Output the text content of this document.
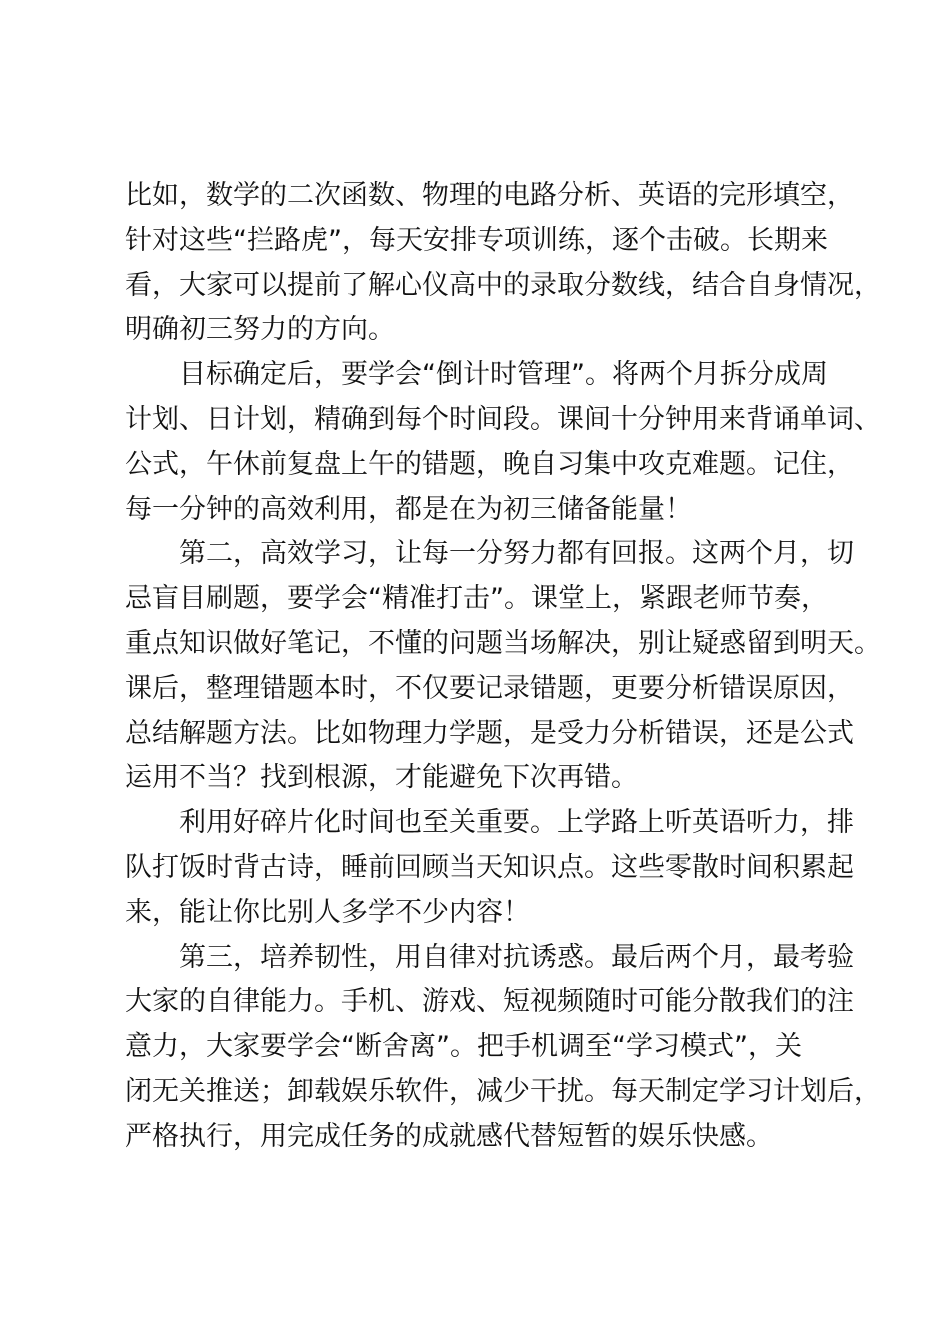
比如，数学的二次函数、物理的电路分析、英语的完形填空，
针对这些“拦路虎”，每天安排专项训练，逐个击破。长期来
看，大家可以提前了解心仪高中的录取分数线，结合自身情况，
明确初三努力的方向。
　　目标确定后，要学会“倒计时管理”。将两个月拆分成周
计划、日计划，精确到每个时间段。课间十分钟用来背诵单词、
公式，午休前复盘上午的错题，晚自习集中攻克难题。记住，
每一分钟的高效利用，都是在为初三储备能量！
　　第二，高效学习，让每一分努力都有回报。这两个月，切
忌盲目刷题，要学会“精准打击”。课堂上，紧跟老师节奏，
重点知识做好笔记，不懂的问题当场解决，别让疑惑留到明天。
课后，整理错题本时，不仅要记录错题，更要分析错误原因，
总结解题方法。比如物理力学题，是受力分析错误，还是公式
运用不当？找到根源，才能避免下次再错。
　　利用好碎片化时间也至关重要。上学路上听英语听力，排
队打饭时背古诗，睡前回顾当天知识点。这些零散时间积累起
来，能让你比别人多学不少内容！
　　第三，培养韧性，用自律对抗诱惑。最后两个月，最考验
大家的自律能力。手机、游戏、短视频随时可能分散我们的注
意力，大家要学会“断舍离”。把手机调至“学习模式”，关
闭无关推送；卸载娱乐软件，减少干扰。每天制定学习计划后，
严格执行，用完成任务的成就感代替短暂的娱乐快感。
